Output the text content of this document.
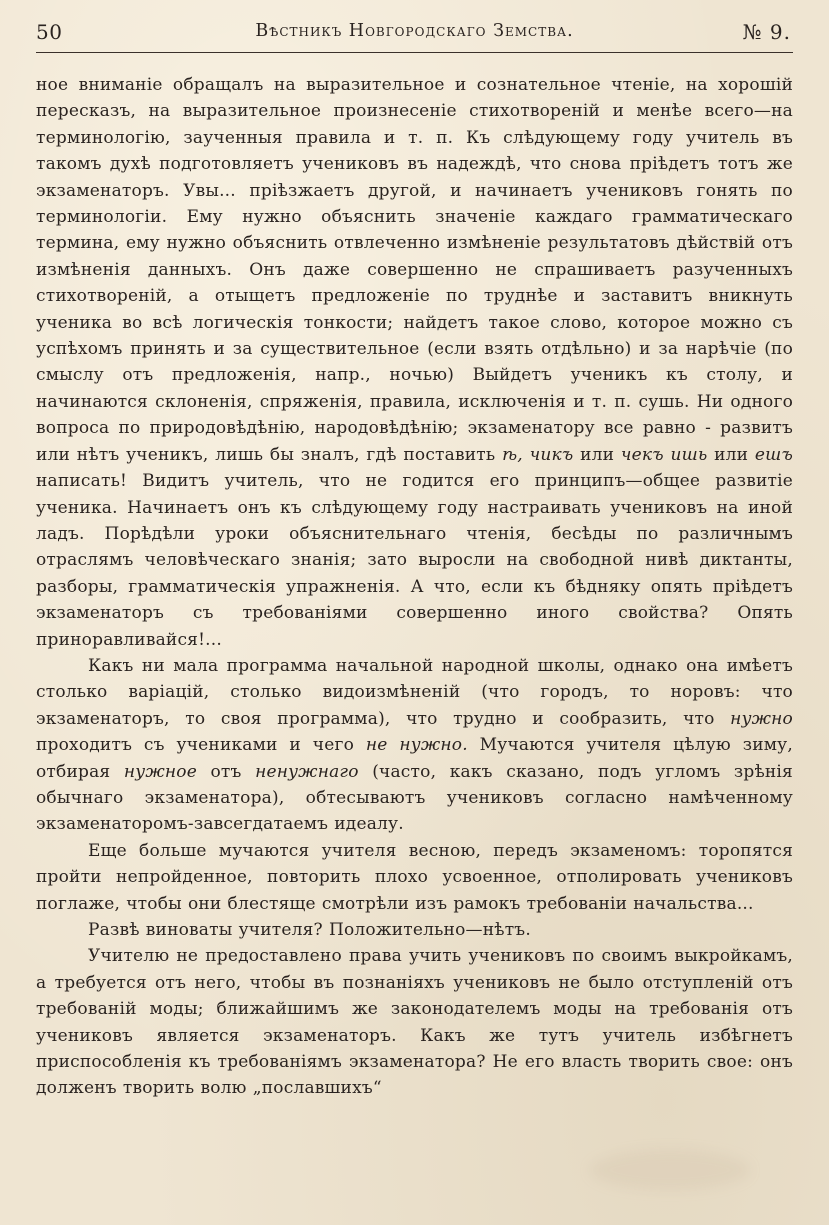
50	Вѣстникъ Новгородскаго Земства.	№ 9.

ное вниманіе обращалъ на выразительное и сознательное чтеніе, на хорошій пересказъ, на выразительное произнесеніе стихотвореній и менѣе всего—на терминологію, заученныя правила и т. п. Къ слѣдующему году учитель въ такомъ духѣ подготовляетъ учениковъ въ надеждѣ, что снова пріѣдетъ тотъ же экзаменаторъ. Увы... пріѣзжаетъ другой, и начинаетъ учениковъ гонять по терминологіи. Ему нужно объяснить значеніе каждаго грамматическаго термина, ему нужно объяснить отвлеченно измѣненіе результатовъ дѣйствій отъ измѣненія данныхъ. Онъ даже совершенно не спрашиваетъ разученныхъ стихотвореній, а отыщетъ предложеніе по труднѣе и заставитъ вникнуть ученика во всѣ логическія тонкости; найдетъ такое слово, которое можно съ успѣхомъ принять и за существительное (если взять отдѣльно) и за нарѣчіе (по смыслу отъ предложенія, напр., ночью) Выйдетъ ученикъ къ столу, и начинаются склоненія, спряженія, правила, исключенія и т. п. сушь. Ни одного вопроса по природовѣдѣнію, народовѣдѣнію; экзаменатору все равно - развитъ или нѣтъ ученикъ, лишь бы зналъ, гдѣ поставить ѣ, чикъ или чекъ ишь или ешъ написать! Видитъ учитель, что не годится его принципъ—общее развитіе ученика. Начинаетъ онъ къ слѣдующему году настраивать учениковъ на иной ладъ. Порѣдѣли уроки объяснительнаго чтенія, бесѣды по различнымъ отраслямъ человѣческаго знанія; зато выросли на свободной нивѣ диктанты, разборы, грамматическія упражненія. А что, если къ бѣдняку опять пріѣдетъ экзаменаторъ съ требованіями совершенно иного свойства? Опять приноравливайся!...

Какъ ни мала программа начальной народной школы, однако она имѣетъ столько варіацій, столько видоизмѣненій (что городъ, то норовъ: что экзаменаторъ, то своя программа), что трудно и сообразить, что нужно проходитъ съ учениками и чего не нужно. Мучаются учителя цѣлую зиму, отбирая нужное отъ ненужнаго (часто, какъ сказано, подъ угломъ зрѣнія обычнаго экзаменатора), обтесываютъ учениковъ согласно намѣченному экзаменаторомъ-завсегдатаемъ идеалу.

Еще больше мучаются учителя весною, передъ экзаменомъ: торопятся пройти непройденное, повторить плохо усвоенное, отполировать учениковъ поглаже, чтобы они блестяще смотрѣли изъ рамокъ требованіи начальства...

Развѣ виноваты учителя? Положительно—нѣтъ.

Учителю не предоставлено права учить учениковъ по своимъ выкройкамъ, а требуется отъ него, чтобы въ познаніяхъ учениковъ не было отступленій отъ требованій моды; ближайшимъ же законодателемъ моды на требованія отъ учениковъ является экзаменаторъ. Какъ же тутъ учитель избѣгнетъ приспособленія къ требованіямъ экзаменатора? Не его власть творить свое: онъ долженъ творить волю „пославшихъ“
